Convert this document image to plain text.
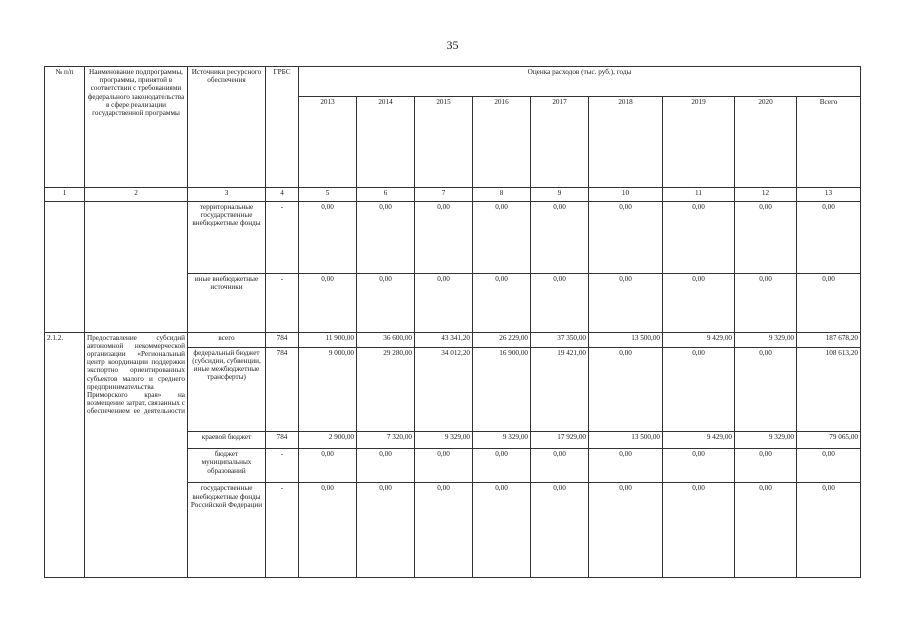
35
№ п/п	Наименование подпрограммы, программы, принятой в соответствии с требованиями федерального законодательства в сфере реализации государственной программы	Источники ресурсного обеспечения	ГРБС	Оценка расходов (тыс. руб.), годы								
				2013	2014	2015	2016	2017	2018	2019	2020	Всего
1	2	3	4	5	6	7	8	9	10	11	12	13
		территориальные государственные внебюджетные фонды	-	0,00	0,00	0,00	0,00	0,00	0,00	0,00	0,00	0,00
		иные внебюджетные источники	-	0,00	0,00	0,00	0,00	0,00	0,00	0,00	0,00	0,00
2.1.2.	Предоставление субсидий автономной некоммерческой организации «Региональный центр координации поддержки экспортно ориентированных субъектов малого и среднего предпринимательства Приморского края» на возмещение затрат, связанных с обеспечением ее деятельности	всего	784	11 900,00	36 600,00	43 341,20	26 229,00	37 350,00	13 500,00	9 429,00	9 329,00	187 678,20
		федеральный бюджет (субсидии, субвенции, иные межбюджетные трансферты)	784	9 000,00	29 280,00	34 012,20	16 900,00	19 421,00	0,00	0,00	0,00	108 613,20
		краевой бюджет	784	2 900,00	7 320,00	9 329,00	9 329,00	17 929,00	13 500,00	9 429,00	9 329,00	79 065,00
		бюджет муниципальных образований	-	0,00	0,00	0,00	0,00	0,00	0,00	0,00	0,00	0,00
		государственные внебюджетные фонды Российской Федерации	-	0,00	0,00	0,00	0,00	0,00	0,00	0,00	0,00	0,00
